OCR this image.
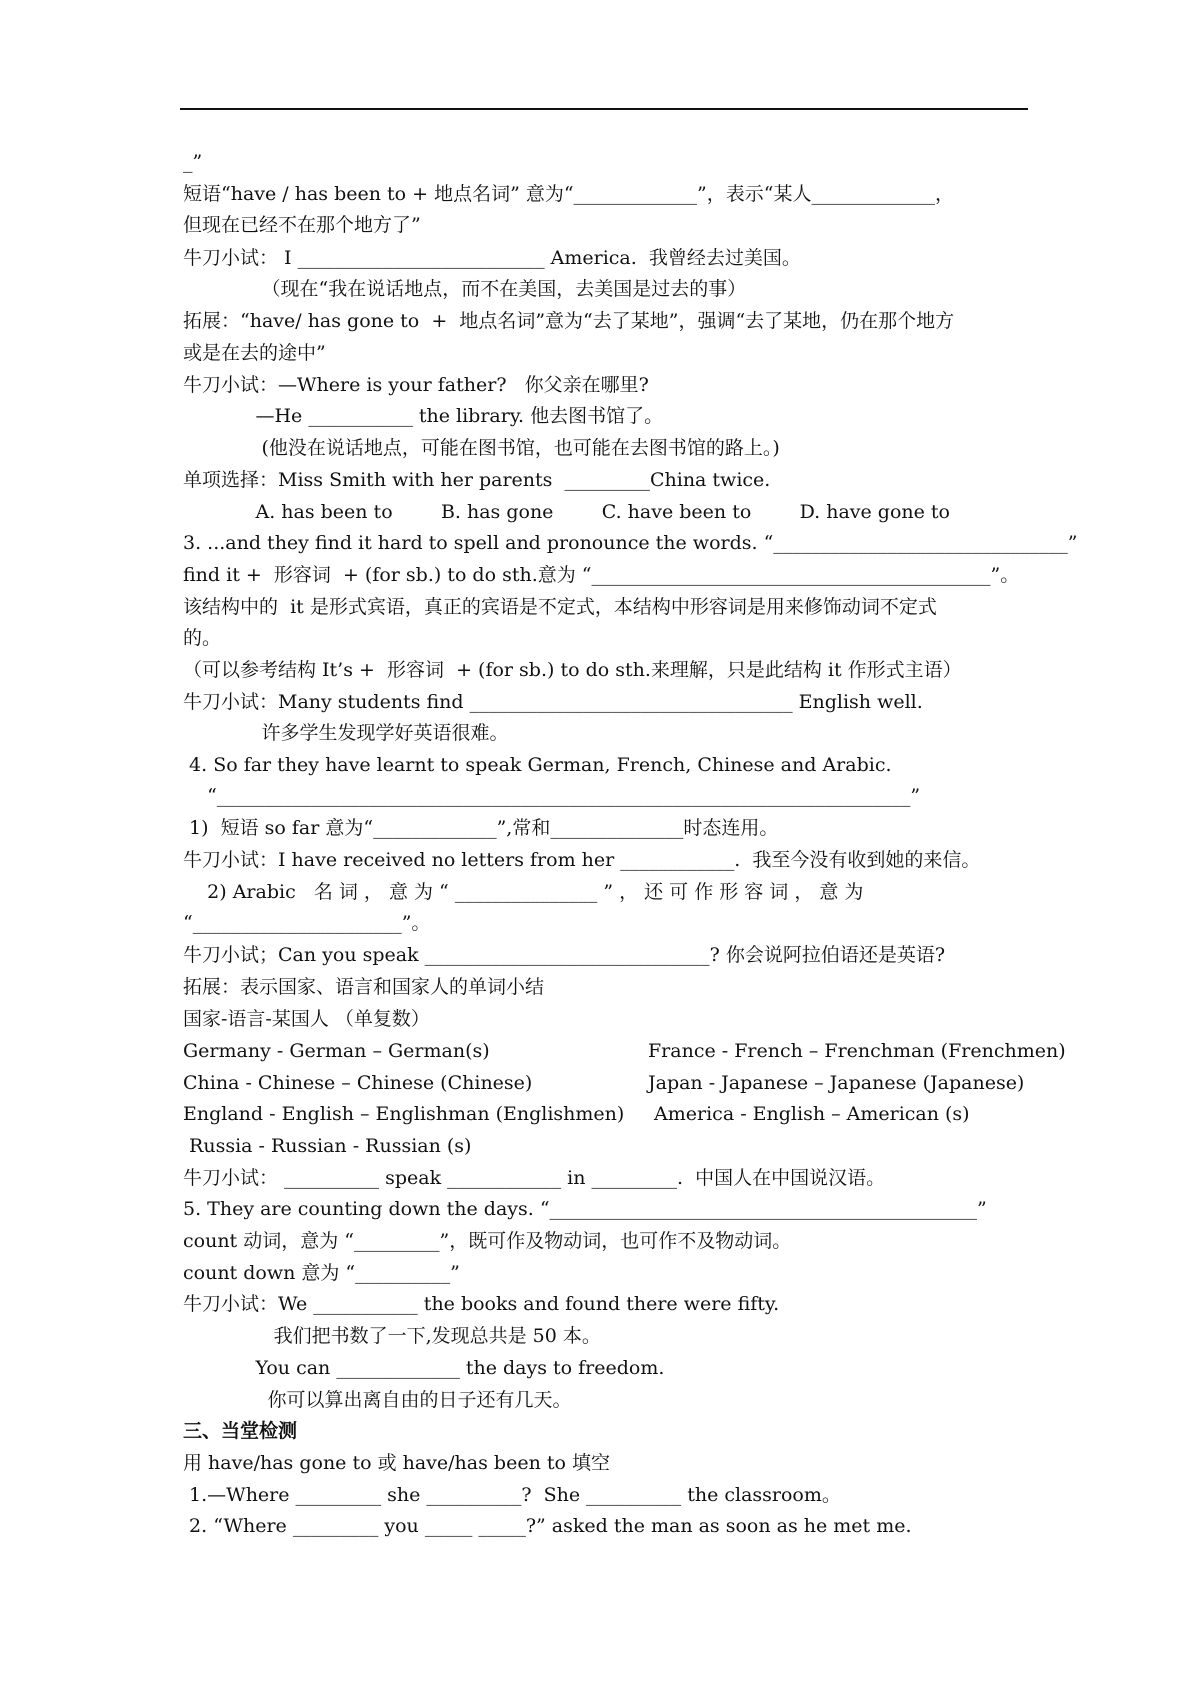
_”
短语“have / has been to + 地点名词” 意为“_____________”，表示“某人_____________，
但现在已经不在那个地方了”
牛刀小试： I __________________________ America.  我曾经去过美国。
（现在“我在说话地点，而不在美国，去美国是过去的事）
拓展：“have/ has gone to  +  地点名词”意为“去了某地”，强调“去了某地，仍在那个地方
或是在去的途中”
牛刀小试：—Where is your father?   你父亲在哪里?
—He ___________ the library. 他去图书馆了。
(他没在说话地点，可能在图书馆，也可能在去图书馆的路上。)
单项选择：Miss Smith with her parents  _________China twice.
A. has been to        B. has gone        C. have been to        D. have gone to
3. ...and they find it hard to spell and pronounce the words. “_______________________________”
find it +  形容词  + (for sb.) to do sth.意为 “__________________________________________”。
该结构中的  it 是形式宾语，真正的宾语是不定式，本结构中形容词是用来修饰动词不定式
的。
（可以参考结构 It’s +  形容词  + (for sb.) to do sth.来理解，只是此结构 it 作形式主语）
牛刀小试：Many students find __________________________________ English well.
许多学生发现学好英语很难。
4. So far they have learnt to speak German, French, Chinese and Arabic.
“_________________________________________________________________________”
1)  短语 so far 意为“_____________”,常和______________时态连用。
牛刀小试：I have received no letters from her ____________.  我至今没有收到她的来信。
2) Arabic   名 词 ， 意 为 “ _______________ ” ， 还 可 作 形 容 词 ， 意 为
“______________________”。
牛刀小试；Can you speak ______________________________? 你会说阿拉伯语还是英语?
拓展：表示国家、语言和国家人的单词小结
国家-语言-某国人 （单复数）
Germany - German – German(s)	France - French – Frenchman (Frenchmen)
China - Chinese – Chinese (Chinese)	Japan - Japanese – Japanese (Japanese)
England - English – Englishman (Englishmen) America - English – American (s)
Russia - Russian - Russian (s)
牛刀小试： __________ speak ____________ in _________.  中国人在中国说汉语。
5. They are counting down the days. “_____________________________________________”
count 动词，意为 “_________”，既可作及物动词，也可作不及物动词。
count down 意为 “__________”
牛刀小试：We ___________ the books and found there were fifty.
我们把书数了一下,发现总共是 50 本。
You can _____________ the days to freedom.
你可以算出离自由的日子还有几天。
三、当堂检测
用 have/has gone to 或 have/has been to 填空
1.—Where _________ she __________?  She __________ the classroom。
2. “Where _________ you _____ _____?” asked the man as soon as he met me.
